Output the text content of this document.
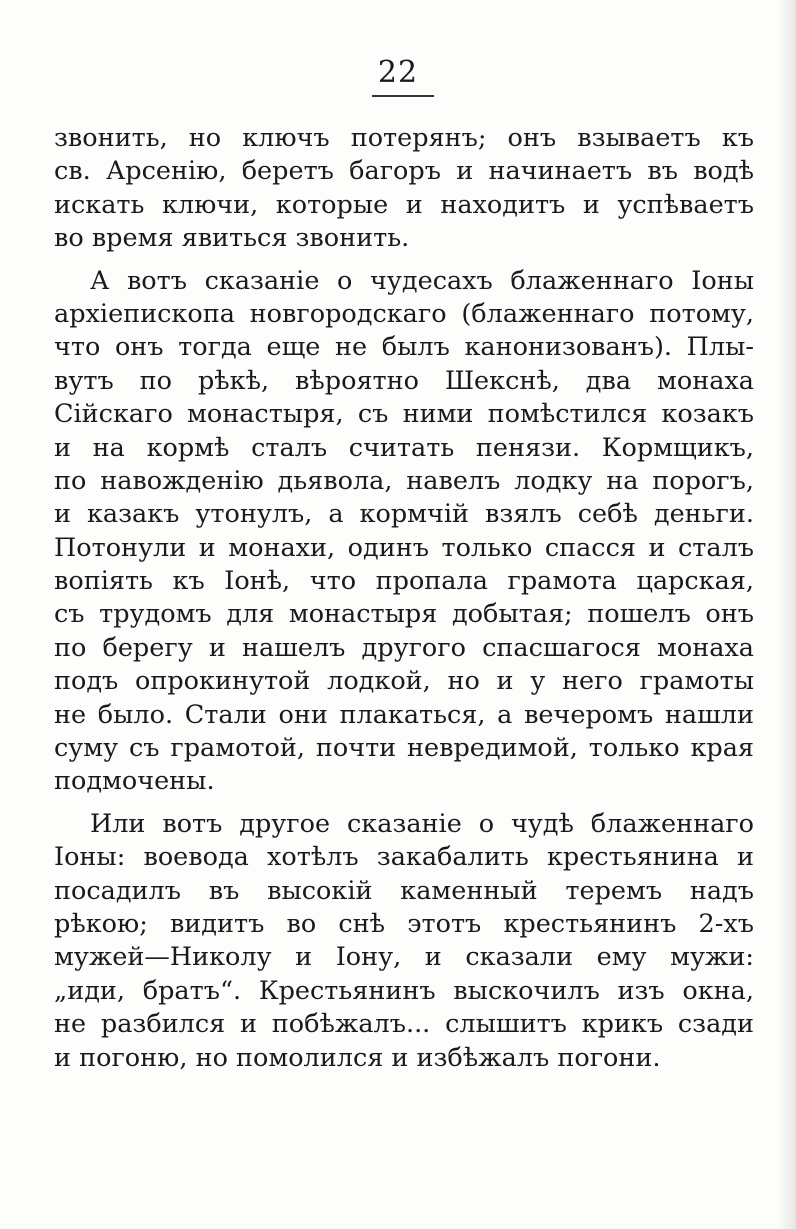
22
звонить, но ключъ потерянъ; онъ взываетъ къ
св. Арсенію, беретъ багоръ и начинаетъ въ водѣ
искать ключи, которые и находитъ и успѣваетъ
во время явиться звонить.
А вотъ сказаніе о чудесахъ блаженнаго Іоны
архіепископа новгородскаго (блаженнаго потому,
что онъ тогда еще не былъ канонизованъ). Плы-
вутъ по рѣкѣ, вѣроятно Шекснѣ, два монаха
Сійскаго монастыря, съ ними помѣстился козакъ
и на кормѣ сталъ считать пенязи. Кормщикъ,
по навожденію дьявола, навелъ лодку на порогъ,
и казакъ утонулъ, а кормчій взялъ себѣ деньги.
Потонули и монахи, одинъ только спасся и сталъ
вопіять къ Іонѣ, что пропала грамота царская,
съ трудомъ для монастыря добытая; пошелъ онъ
по берегу и нашелъ другого спасшагося монаха
подъ опрокинутой лодкой, но и у него грамоты
не было. Стали они плакаться, а вечеромъ нашли
суму съ грамотой, почти невредимой, только края
подмочены.
Или вотъ другое сказаніе о чудѣ блаженнаго
Іоны: воевода хотѣлъ закабалить крестьянина и
посадилъ въ высокій каменный теремъ надъ
рѣкою; видитъ во снѣ этотъ крестьянинъ 2-хъ
мужей—Николу и Іону, и сказали ему мужи:
„иди, братъ“. Крестьянинъ выскочилъ изъ окна,
не разбился и побѣжалъ... слышитъ крикъ сзади
и погоню, но помолился и избѣжалъ погони.
